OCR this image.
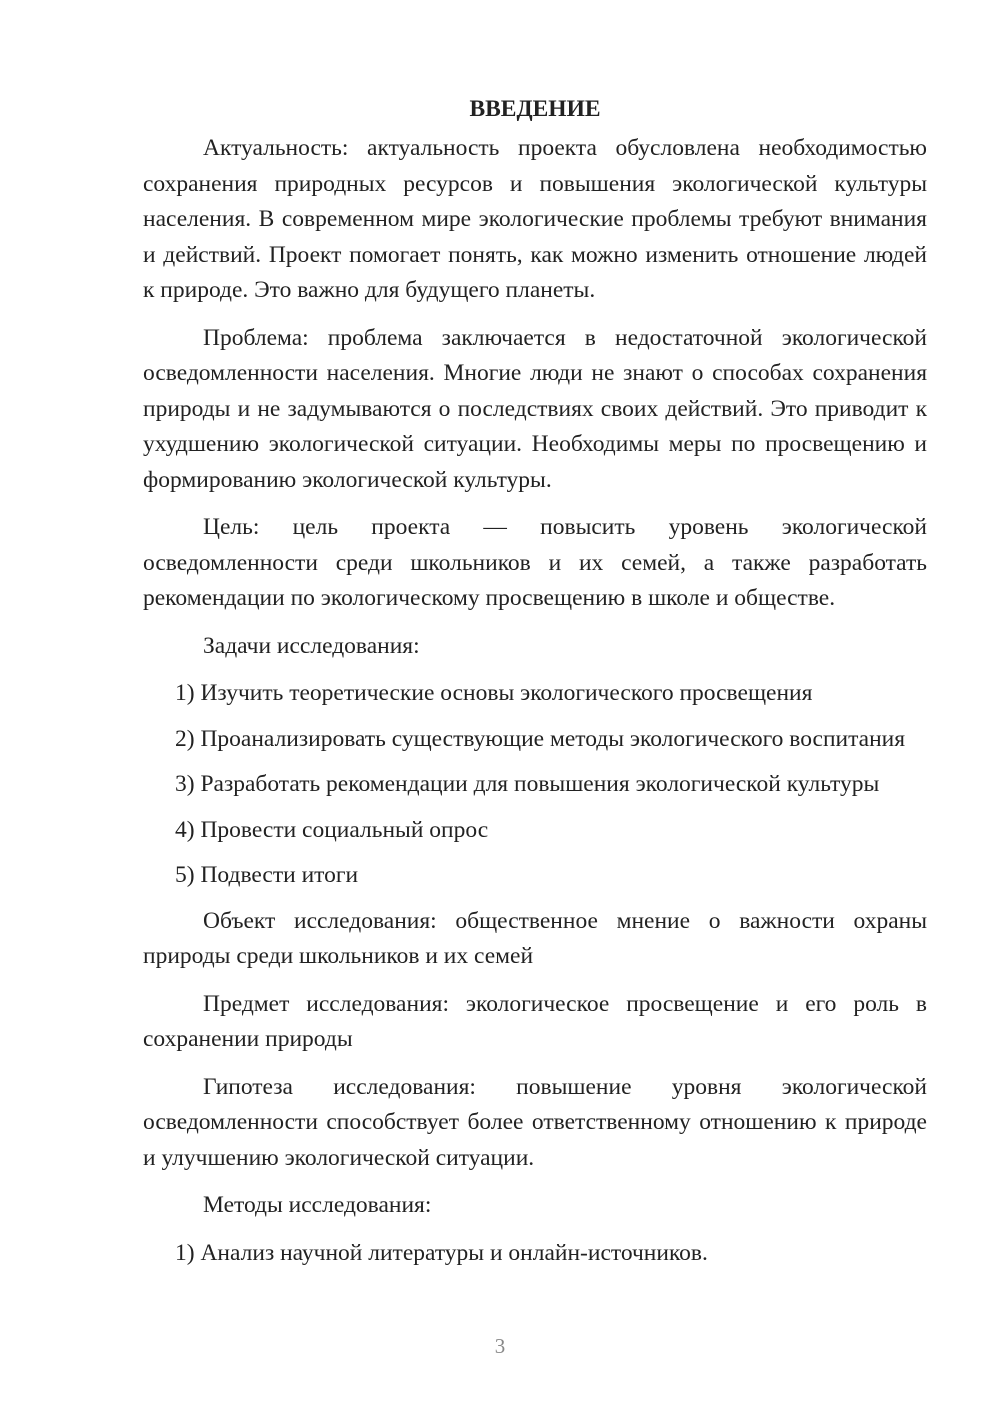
ВВЕДЕНИЕ

Актуальность: актуальность проекта обусловлена необходимостью сохранения природных ресурсов и повышения экологической культуры населения. В современном мире экологические проблемы требуют внимания и действий. Проект помогает понять, как можно изменить отношение людей к природе. Это важно для будущего планеты.

Проблема: проблема заключается в недостаточной экологической осведомленности населения. Многие люди не знают о способах сохранения природы и не задумываются о последствиях своих действий. Это приводит к ухудшению экологической ситуации. Необходимы меры по просвещению и формированию экологической культуры.

Цель: цель проекта — повысить уровень экологической осведомленности среди школьников и их семей, а также разработать рекомендации по экологическому просвещению в школе и обществе.

Задачи исследования:

1) Изучить теоретические основы экологического просвещения

2) Проанализировать существующие методы экологического воспитания

3) Разработать рекомендации для повышения экологической культуры

4) Провести социальный опрос

5) Подвести итоги

Объект исследования: общественное мнение о важности охраны природы среди школьников и их семей

Предмет исследования: экологическое просвещение и его роль в сохранении природы

Гипотеза исследования: повышение уровня экологической осведомленности способствует более ответственному отношению к природе и улучшению экологической ситуации.

Методы исследования:

1) Анализ научной литературы и онлайн-источников.

3
